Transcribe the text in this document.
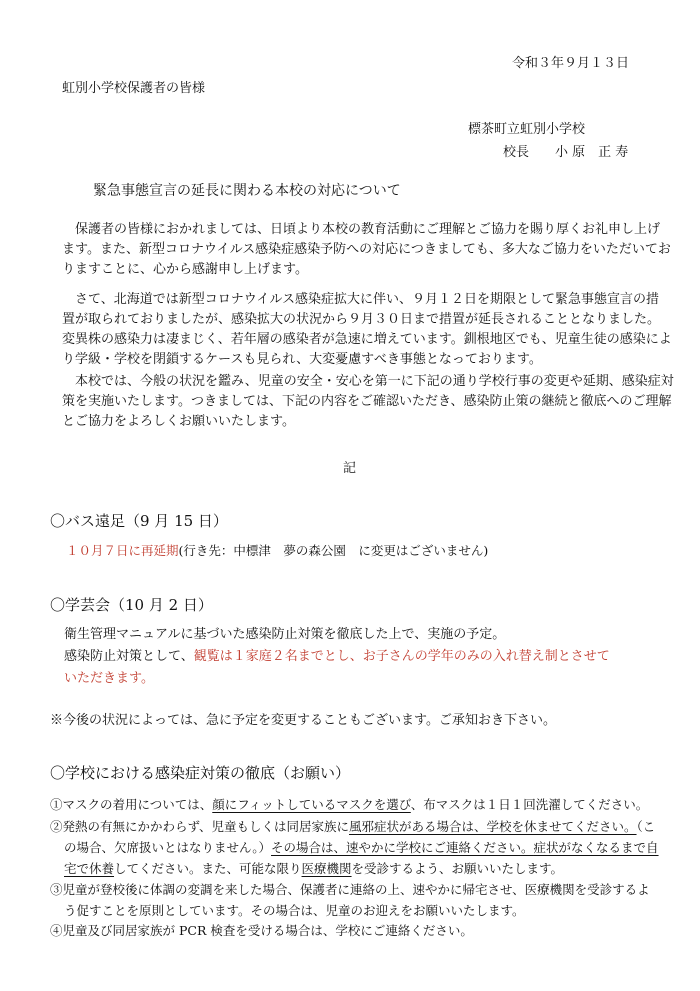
令和３年９月１３日
虹別小学校保護者の皆様
標茶町立虹別小学校
校長　　小 原　正 寿
緊急事態宣言の延長に関わる本校の対応について
保護者の皆様におかれましては、日頃より本校の教育活動にご理解とご協力を賜り厚くお礼申し上げ
ます。また、新型コロナウイルス感染症感染予防への対応につきましても、多大なご協力をいただいてお
りますことに、心から感謝申し上げます。
さて、北海道では新型コロナウイルス感染症拡大に伴い、９月１２日を期限として緊急事態宣言の措
置が取られておりましたが、感染拡大の状況から９月３０日まで措置が延長されることとなりました。
変異株の感染力は凄まじく、若年層の感染者が急速に増えています。釧根地区でも、児童生徒の感染によ
り学級・学校を閉鎖するケースも見られ、大変憂慮すべき事態となっております。
本校では、今般の状況を鑑み、児童の安全・安心を第一に下記の通り学校行事の変更や延期、感染症対
策を実施いたします。つきましては、下記の内容をご確認いただき、感染防止策の継続と徹底へのご理解
とご協力をよろしくお願いいたします。
記
〇バス遠足（9 月 15 日）
１０月７日に再延期(行き先：中標津　夢の森公園　に変更はございません)
〇学芸会（10 月 2 日）
衛生管理マニュアルに基づいた感染防止対策を徹底した上で、実施の予定。
感染防止対策として、観覧は１家庭２名までとし、お子さんの学年のみの入れ替え制とさせて
いただきます。
※今後の状況によっては、急に予定を変更することもございます。ご承知おき下さい。
〇学校における感染症対策の徹底（お願い）
①マスクの着用については、顔にフィットしているマスクを選び、布マスクは１日１回洗濯してください。
②発熱の有無にかかわらず、児童もしくは同居家族に風邪症状がある場合は、学校を休ませてください。（こ
の場合、欠席扱いとはなりません。）その場合は、速やかに学校にご連絡ください。症状がなくなるまで自
宅で休養してください。また、可能な限り医療機関を受診するよう、お願いいたします。
③児童が登校後に体調の変調を来した場合、保護者に連絡の上、速やかに帰宅させ、医療機関を受診するよ
う促すことを原則としています。その場合は、児童のお迎えをお願いいたします。
④児童及び同居家族が PCR 検査を受ける場合は、学校にご連絡ください。
